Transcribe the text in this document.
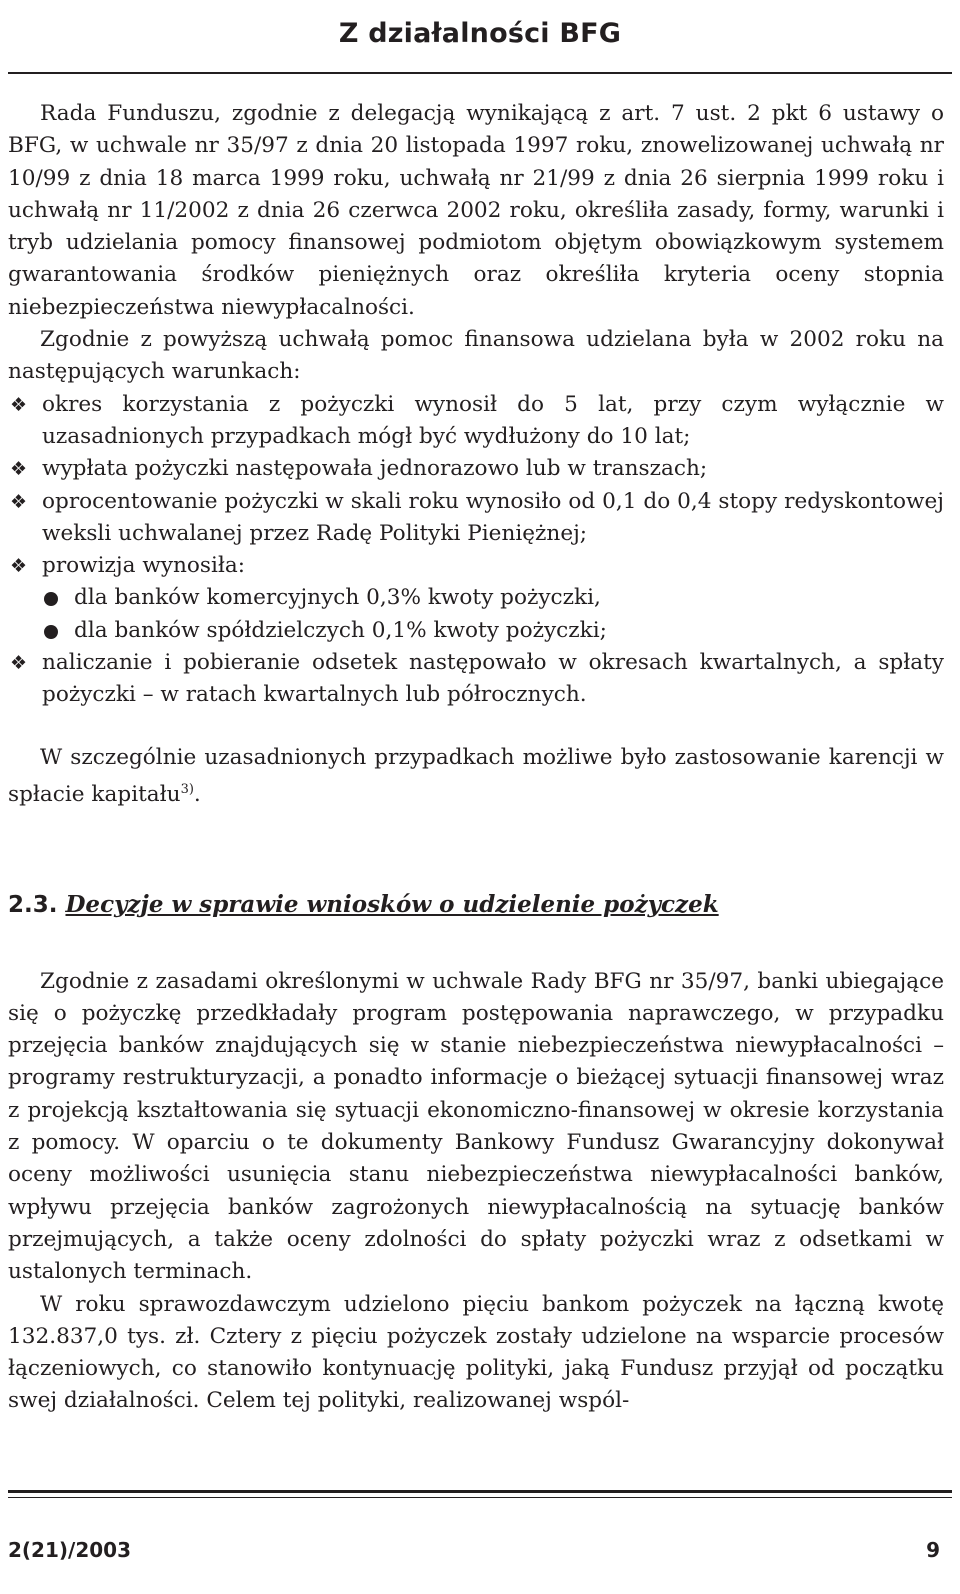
Z działalności BFG

Rada Funduszu, zgodnie z delegacją wynikającą z art. 7 ust. 2 pkt 6 ustawy o BFG, w uchwale nr 35/97 z dnia 20 listopada 1997 roku, znowelizowanej uchwałą nr 10/99 z dnia 18 marca 1999 roku, uchwałą nr 21/99 z dnia 26 sierpnia 1999 roku i uchwałą nr 11/2002 z dnia 26 czerwca 2002 roku, określiła zasady, formy, warunki i tryb udzielania pomocy finansowej podmiotom objętym obowiązkowym systemem gwarantowania środków pieniężnych oraz określiła kryteria oceny stopnia niebezpieczeństwa niewypłacalności.

Zgodnie z powyższą uchwałą pomoc finansowa udzielana była w 2002 roku na następujących warunkach:

❖ okres korzystania z pożyczki wynosił do 5 lat, przy czym wyłącznie w uzasadnionych przypadkach mógł być wydłużony do 10 lat;
❖ wypłata pożyczki następowała jednorazowo lub w transzach;
❖ oprocentowanie pożyczki w skali roku wynosiło od 0,1 do 0,4 stopy redyskontowej weksli uchwalanej przez Radę Polityki Pieniężnej;
❖ prowizja wynosiła:
dla banków komercyjnych 0,3% kwoty pożyczki,
dla banków spółdzielczych 0,1% kwoty pożyczki;
❖ naliczanie i pobieranie odsetek następowało w okresach kwartalnych, a spłaty pożyczki – w ratach kwartalnych lub półrocznych.

W szczególnie uzasadnionych przypadkach możliwe było zastosowanie karencji w spłacie kapitału$^{3)}$.

2.3. Decyzje w sprawie wniosków o udzielenie pożyczek

Zgodnie z zasadami określonymi w uchwale Rady BFG nr 35/97, banki ubiegające się o pożyczkę przedkładały program postępowania naprawczego, w przypadku przejęcia banków znajdujących się w stanie niebezpieczeństwa niewypłacalności – programy restrukturyzacji, a ponadto informacje o bieżącej sytuacji finansowej wraz z projekcją kształtowania się sytuacji ekonomiczno-finansowej w okresie korzystania z pomocy. W oparciu o te dokumenty Bankowy Fundusz Gwarancyjny dokonywał oceny możliwości usunięcia stanu niebezpieczeństwa niewypłacalności banków, wpływu przejęcia banków zagrożonych niewypłacalnością na sytuację banków przejmujących, a także oceny zdolności do spłaty pożyczki wraz z odsetkami w ustalonych terminach.

W roku sprawozdawczym udzielono pięciu bankom pożyczek na łączną kwotę 132.837,0 tys. zł. Cztery z pięciu pożyczek zostały udzielone na wsparcie procesów łączeniowych, co stanowiło kontynuację polityki, jaką Fundusz przyjął od początku swej działalności. Celem tej polityki, realizowanej wspól-

2(21)/2003	9
